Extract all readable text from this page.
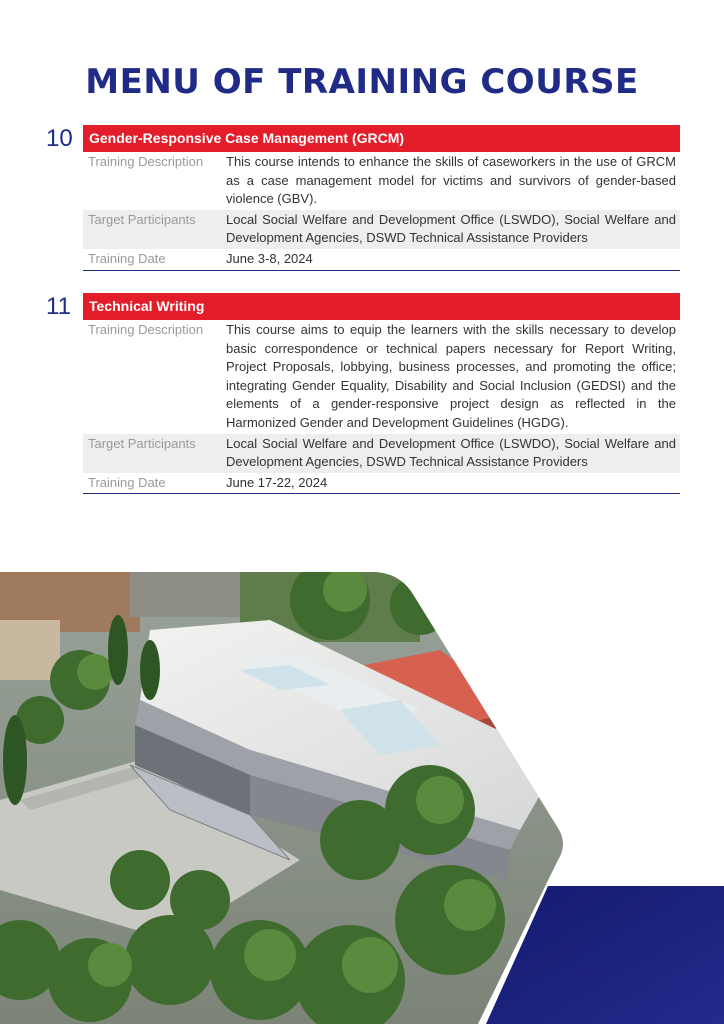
MENU OF TRAINING COURSE
10	Gender-Responsive Case Management (GRCM)
Training Description	This course intends to enhance the skills of caseworkers in the use of GRCM as a case management model for victims and survivors of gender-based violence (GBV).
Target Participants	Local Social Welfare and Development Office (LSWDO), Social Welfare and Development Agencies, DSWD Technical Assistance Providers
Training Date	June 3-8, 2024
11	Technical Writing
Training Description	This course aims to equip the learners with the skills necessary to develop basic correspondence or technical papers necessary for Report Writing, Project Proposals, lobbying, business processes, and promoting the office; integrating Gender Equality, Disability and Social Inclusion (GEDSI) and the elements of a gender-responsive project design as reflected in the Harmonized Gender and Development Guidelines (HGDG).
Target Participants	Local Social Welfare and Development Office (LSWDO), Social Welfare and Development Agencies, DSWD Technical Assistance Providers
Training Date	June 17-22, 2024
